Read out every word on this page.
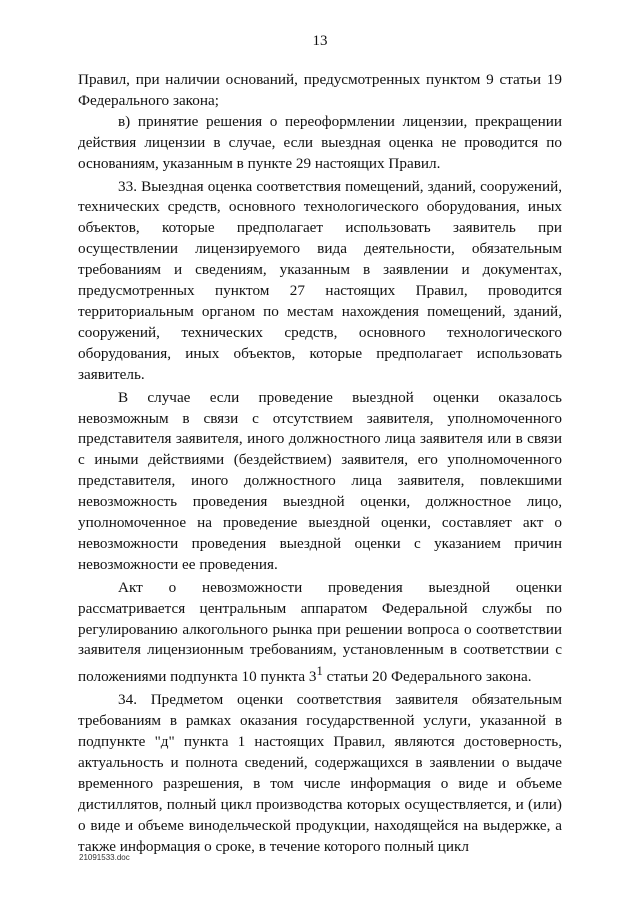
13

Правил, при наличии оснований, предусмотренных пунктом 9 статьи 19 Федерального закона;

в) принятие решения о переоформлении лицензии, прекращении действия лицензии в случае, если выездная оценка не проводится по основаниям, указанным в пункте 29 настоящих Правил.

33. Выездная оценка соответствия помещений, зданий, сооружений, технических средств, основного технологического оборудования, иных объектов, которые предполагает использовать заявитель при осуществлении лицензируемого вида деятельности, обязательным требованиям и сведениям, указанным в заявлении и документах, предусмотренных пунктом 27 настоящих Правил, проводится территориальным органом по местам нахождения помещений, зданий, сооружений, технических средств, основного технологического оборудования, иных объектов, которые предполагает использовать заявитель.

В случае если проведение выездной оценки оказалось невозможным в связи с отсутствием заявителя, уполномоченного представителя заявителя, иного должностного лица заявителя или в связи с иными действиями (бездействием) заявителя, его уполномоченного представителя, иного должностного лица заявителя, повлекшими невозможность проведения выездной оценки, должностное лицо, уполномоченное на проведение выездной оценки, составляет акт о невозможности проведения выездной оценки с указанием причин невозможности ее проведения.

Акт о невозможности проведения выездной оценки рассматривается центральным аппаратом Федеральной службы по регулированию алкогольного рынка при решении вопроса о соответствии заявителя лицензионным требованиям, установленным в соответствии с положениями подпункта 10 пункта $3^1$ статьи 20 Федерального закона.

34. Предметом оценки соответствия заявителя обязательным требованиям в рамках оказания государственной услуги, указанной в подпункте "д" пункта 1 настоящих Правил, являются достоверность, актуальность и полнота сведений, содержащихся в заявлении о выдаче временного разрешения, в том числе информация о виде и объеме дистиллятов, полный цикл производства которых осуществляется, и (или) о виде и объеме винодельческой продукции, находящейся на выдержке, а также информация о сроке, в течение которого полный цикл

21091533.doc
